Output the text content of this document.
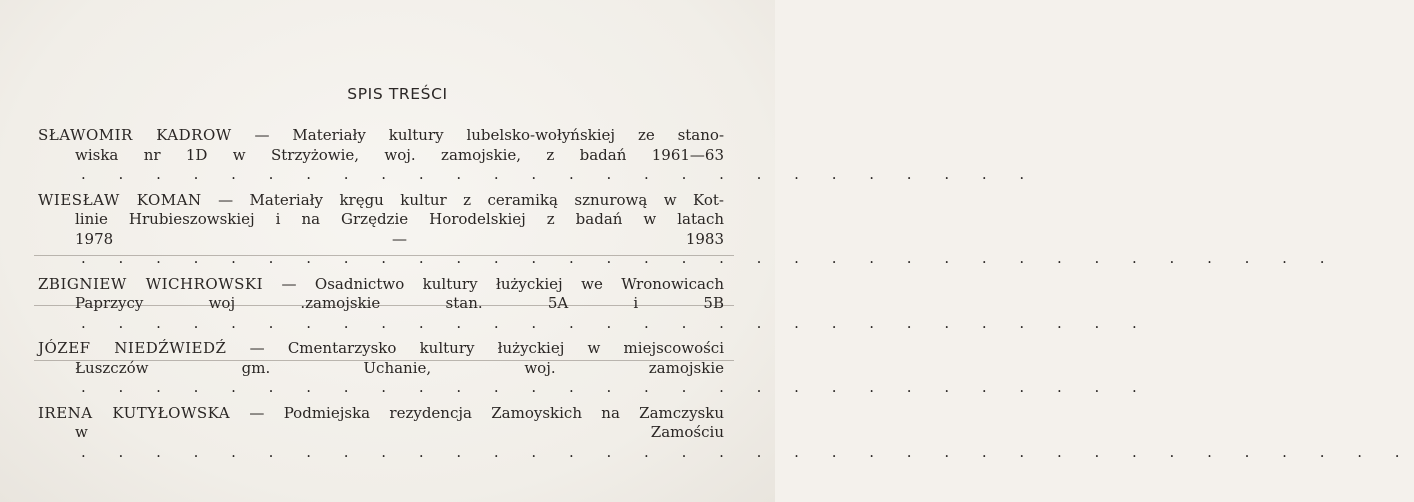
SPIS TREŚCI
SŁAWOMIR KADROW — Materiały kultury lubelsko-wołyńskiej ze stano-
wiska nr 1D w Strzyżowie, woj. zamojskie, z badań 1961—63 . . . . . . . . . . . . . . . . . . . . . . . . . .
WIESŁAW KOMAN — Materiały kręgu kultur z ceramiką sznurową w Kot-
linie Hrubieszowskiej i na Grzędzie Horodelskiej z badań w latach
1978 — 1983 . . . . . . . . . . . . . . . . . . . . . . . . . . . . . . . . . .
ZBIGNIEW WICHROWSKI — Osadnictwo kultury łużyckiej we Wronowicach
Paprzycy woj .zamojskie stan. 5A i 5B . . . . . . . . . . . . . . . . . . . . . . . . . . . . .
JÓZEF NIEDŹWIEDŹ — Cmentarzysko kultury łużyckiej w miejscowości
Łuszczów gm. Uchanie, woj. zamojskie . . . . . . . . . . . . . . . . . . . . . . . . . . . . .
IRENA KUTYŁOWSKA — Podmiejska rezydencja Zamoyskich na Zamczysku
w Zamościu . . . . . . . . . . . . . . . . . . . . . . . . . . . . . . . . . . . .
